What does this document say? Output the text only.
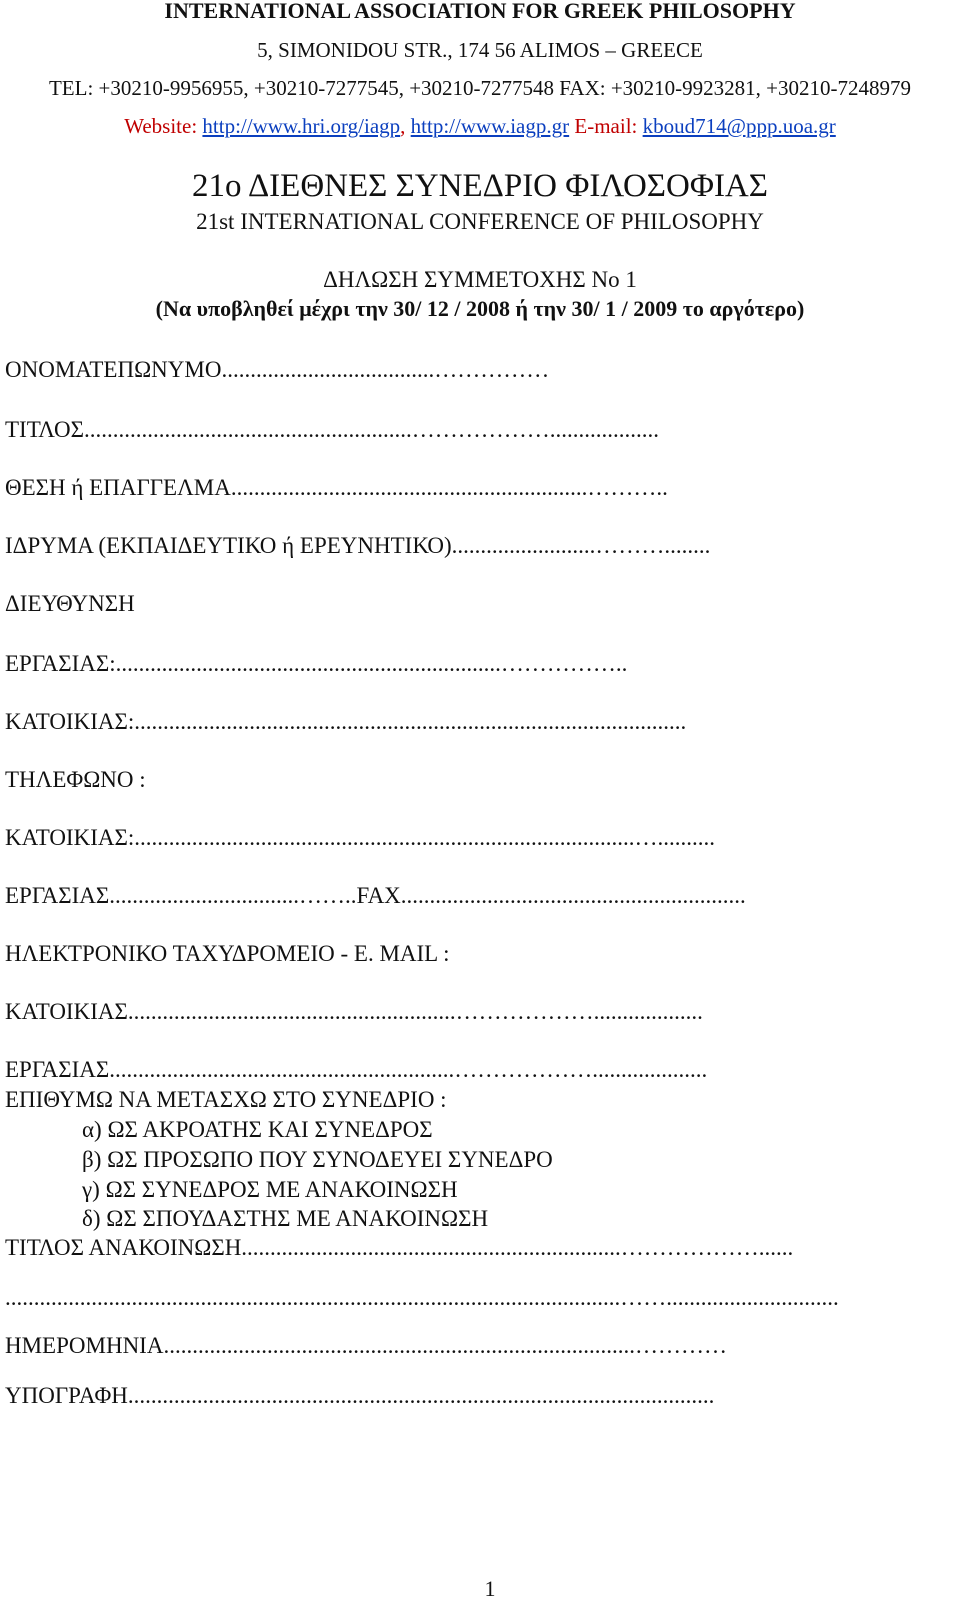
INTERNATIONAL ASSOCIATION FOR GREEK PHILOSOPHY
5, SIMONIDOU STR., 174 56 ALIMOS – GREECE
TEL: +30210-9956955, +30210-7277545, +30210-7277548 FAX: +30210-9923281, +30210-7248979
Website: http://www.hri.org/iagp, http://www.iagp.gr E-mail: kboud714@ppp.uoa.gr
21ο ΔΙΕΘΝΕΣ ΣΥΝΕΔΡΙΟ ΦΙΛΟΣΟΦΙΑΣ
21st INTERNATIONAL CONFERENCE OF PHILOSOPHY
ΔΗΛΩΣΗ ΣΥΜΜΕΤΟΧΗΣ Νο 1
(Να υποβληθεί μέχρι την 30/ 12 / 2008 ή την 30/ 1 / 2009 το αργότερο)
ΟΝΟΜΑΤΕΠΩΝΥΜΟ.....................................……………
ΤΙΤΛΟΣ.........................................................………………...................
ΘΕΣΗ ή ΕΠΑΓΓΕΛΜΑ..............................................................………..
ΙΔΡΥΜΑ (ΕΚΠΑΙΔΕΥΤΙΚΟ ή ΕΡΕΥΝΗΤΙΚΟ).........................………........
ΔΙΕΥΘΥΝΣΗ
ΕΡΓΑΣΙΑΣ:...................................................................……………..
ΚΑΤΟΙΚΙΑΣ:................................................................................................
ΤΗΛΕΦΩΝΟ :
ΚΑΤΟΙΚΙΑΣ:.......................................................................................…..........
ΕΡΓΑΣΙΑΣ.................................……..FAX............................................................
ΗΛΕΚΤΡΟΝΙΚΟ ΤΑΧΥΔΡΟΜΕΙΟ - Ε. MAIL :
ΚΑΤΟΙΚΙΑΣ.........................................................………………...................
ΕΡΓΑΣΙΑΣ............................................................………………....................
ΕΠΙΘΥΜΩ ΝΑ ΜΕΤΑΣΧΩ ΣΤΟ ΣΥΝΕΔΡΙΟ :
α) ΩΣ ΑΚΡΟΑΤΗΣ ΚΑΙ ΣΥΝΕΔΡΟΣ
β) ΩΣ ΠΡΟΣΩΠΟ ΠΟΥ ΣΥΝΟΔΕΥΕΙ ΣΥΝΕΔΡΟ
γ) ΩΣ ΣΥΝΕΔΡΟΣ ΜΕ ΑΝΑΚΟΙΝΩΣΗ
δ) ΩΣ ΣΠΟΥΔΑΣΤΗΣ ΜΕ ΑΝΑΚΟΙΝΩΣΗ
ΤΙΤΛΟΣ ΑΝΑΚΟΙΝΩΣΗ..................................................................………………......
...........................................................................................................……..............................
ΗΜΕΡΟΜΗΝΙΑ..................................................................................…………
ΥΠΟΓΡΑΦΗ......................................................................................................
1
